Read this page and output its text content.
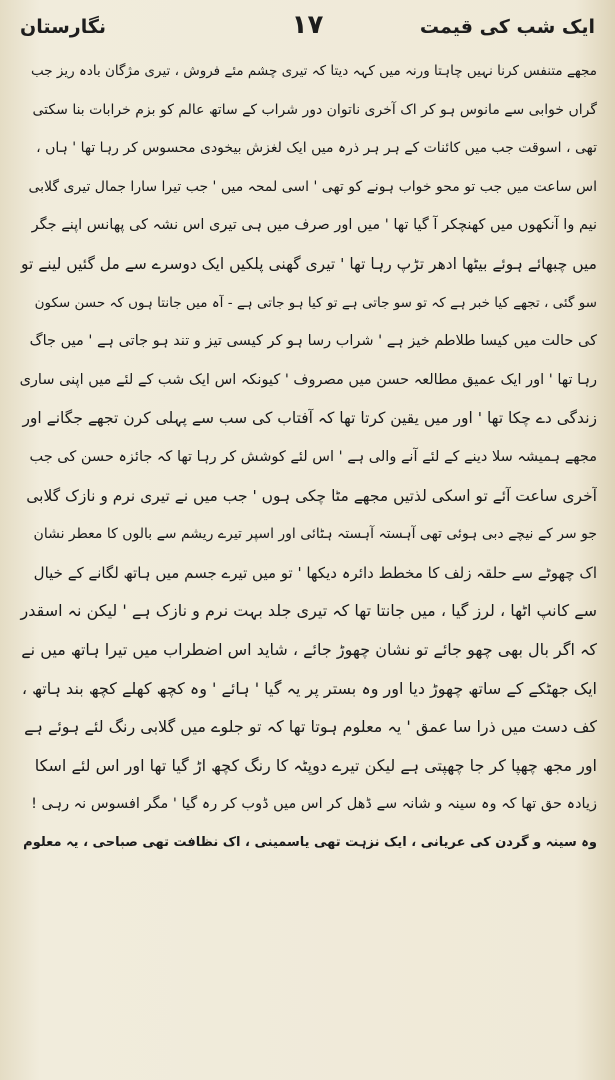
ایک شب کی قیمت
۱۷
نگارستان
مجھے متنفس کرنا نہیں چاہتا ورنہ میں کہہ دیتا کہ تیری چشم مئے فروش ، تیری مژگان بادہ ریز جب
گراں خوابی سے مانوس ہو کر اک آخری ناتوان دور شراب کے ساتھ عالم کو بزم خرابات بنا سکتی
تھی ، اسوقت جب میں کائنات کے ہر ہر ذرہ میں ایک لغزش بیخودی محسوس کر رہا تھا ' ہاں ،
اس ساعت میں جب تو محو خواب ہونے کو تھی ' اسی لمحہ میں ' جب تیرا سارا جمال تیری گلابی
نیم وا آنکھوں میں کھنچکر آ گیا تھا ' میں اور صرف میں ہی تیری اس نشہ کی پھانس اپنے جگر
میں چبھائے ہوئے بیٹھا ادھر تڑپ رہا تھا ' تیری گھنی پلکیں ایک دوسرے سے مل گئیں لینے تو
سو گئی ، تجھے کیا خبر ہے کہ تو سو جاتی ہے تو کیا ہو جاتی ہے - آہ میں جانتا ہوں کہ حسن سکون
کی حالت میں کیسا طلاطم خیز ہے ' شراب رسا ہو کر کیسی تیز و تند ہو جاتی ہے ' میں جاگ
رہا تھا ' اور ایک عمیق مطالعہ حسن میں مصروف ' کیونکہ اس ایک شب کے لئے میں اپنی ساری
زندگی دے چکا تھا ' اور میں یقین کرتا تھا کہ آفتاب کی سب سے پہلی کرن تجھے جگانے اور
مجھے ہمیشہ سلا دینے کے لئے آنے والی ہے ' اس لئے کوشش کر رہا تھا کہ جائزہ حسن کی جب
آخری ساعت آئے تو اسکی لذتیں مجھے مٹا چکی ہوں ' جب میں نے تیری نرم و نازک گلابی
جو سر کے نیچے دبی ہوئی تھی آہستہ آہستہ ہٹائی اور اسپر تیرے ریشم سے بالوں کا معطر نشان
اک چھوٹے سے حلقہ زلف کا مخطط دائرہ دیکھا ' تو میں تیرے جسم میں ہاتھ لگانے کے خیال
سے کانپ اٹھا ، لرز گیا ، میں جانتا تھا کہ تیری جلد بہت نرم و نازک ہے ' لیکن نہ اسقدر
کہ اگر بال بھی چھو جائے تو نشان چھوڑ جائے ، شاید اس اضطراب میں تیرا ہاتھ میں نے
ایک جھٹکے کے ساتھ چھوڑ دیا اور وہ بستر پر یہ گیا ' ہائے ' وہ کچھ کھلے کچھ بند ہاتھ ،
کف دست میں ذرا سا عمق ' یہ معلوم ہوتا تھا کہ تو جلوے میں گلابی رنگ لئے ہوئے ہے
اور مجھ چھپا کر جا چھپتی ہے لیکن تیرے دوپٹہ کا رنگ کچھ اڑ گیا تھا اور اس لئے اسکا
زیادہ حق تھا کہ وہ سینہ و شانہ سے ڈھل کر اس میں ڈوب کر رہ گیا ' مگر افسوس نہ رہی !
وہ سینہ و گردن کی عریانی ، ایک نزہت تھی یاسمینی ، اک نظافت تھی صباحی ، یہ معلوم
